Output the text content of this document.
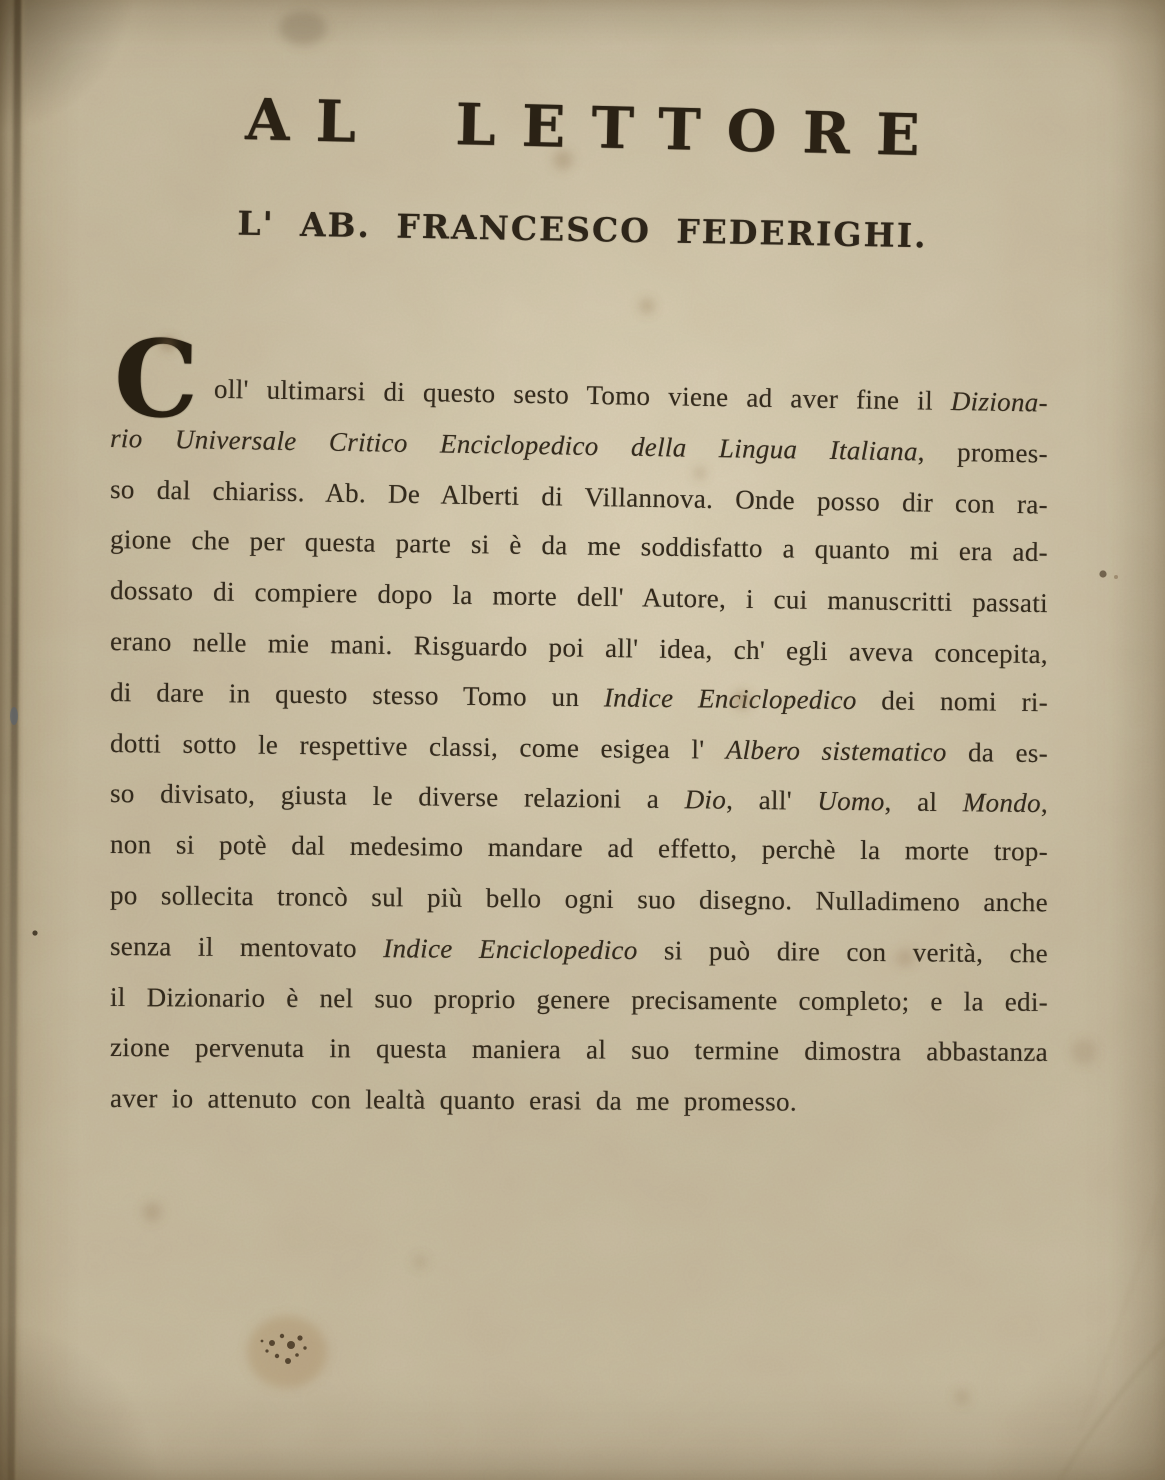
AL LETTORE
L' AB. FRANCESCO FEDERIGHI.
C oll' ultimarsi di questo sesto Tomo viene ad aver fine il Diziona-
rio Universale Critico Enciclopedico della Lingua Italiana, promes-
so dal chiariss. Ab. De Alberti di Villannova. Onde posso dir con ra-
gione che per questa parte si è da me soddisfatto a quanto mi era ad-
dossato di compiere dopo la morte dell' Autore, i cui manuscritti passati
erano nelle mie mani. Risguardo poi all' idea, ch' egli aveva concepita,
di dare in questo stesso Tomo un Indice Enciclopedico dei nomi ri-
dotti sotto le respettive classi, come esigea l' Albero sistematico da es-
so divisato, giusta le diverse relazioni a Dio, all' Uomo, al Mondo,
non si potè dal medesimo mandare ad effetto, perchè la morte trop-
po sollecita troncò sul più bello ogni suo disegno. Nulladimeno anche
senza il mentovato Indice Enciclopedico si può dire con verità, che
il Dizionario è nel suo proprio genere precisamente completo; e la edi-
zione pervenuta in questa maniera al suo termine dimostra abbastanza
aver io attenuto con lealtà quanto erasi da me promesso.
